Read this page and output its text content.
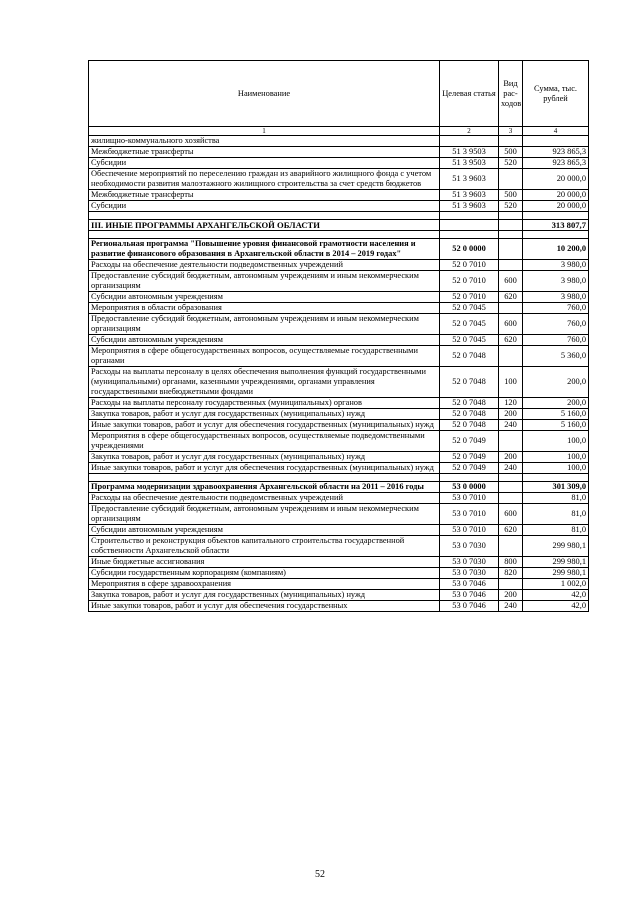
Наименование	Целевая статья	Вид рас-ходов	Сумма, тыс. рублей
1	2	3	4
жилищно-коммунального хозяйства			
Межбюджетные трансферты	51 3 9503	500	923 865,3
Субсидии	51 3 9503	520	923 865,3
Обеспечение мероприятий по переселению граждан из аварийного жилищного фонда с учетом необходимости развития малоэтажного жилищного строительства за счет средств бюджетов	51 3 9603		20 000,0
Межбюджетные трансферты	51 3 9603	500	20 000,0
Субсидии	51 3 9603	520	20 000,0

III. ИНЫЕ ПРОГРАММЫ АРХАНГЕЛЬСКОЙ ОБЛАСТИ			313 807,7

Региональная программа "Повышение уровня финансовой грамотности населения и развитие финансового образования в Архангельской области в 2014 – 2019 годах"	52 0 0000		10 200,0
Расходы на обеспечение деятельности подведомственных учреждений	52 0 7010		3 980,0
Предоставление субсидий бюджетным, автономным учреждениям и иным некоммерческим организациям	52 0 7010	600	3 980,0
Субсидии автономным учреждениям	52 0 7010	620	3 980,0
Мероприятия в области образования	52 0 7045		760,0
Предоставление субсидий бюджетным, автономным учреждениям и иным некоммерческим организациям	52 0 7045	600	760,0
Субсидии автономным учреждениям	52 0 7045	620	760,0
Мероприятия в сфере общегосударственных вопросов, осуществляемые государственными органами	52 0 7048		5 360,0
Расходы на выплаты персоналу в целях обеспечения выполнения функций государственными (муниципальными) органами, казенными учреждениями, органами управления государственными внебюджетными фондами	52 0 7048	100	200,0
Расходы на выплаты персоналу государственных (муниципальных) органов	52 0 7048	120	200,0
Закупка товаров, работ и услуг для государственных (муниципальных) нужд	52 0 7048	200	5 160,0
Иные закупки товаров, работ и услуг для обеспечения государственных (муниципальных) нужд	52 0 7048	240	5 160,0
Мероприятия в сфере общегосударственных вопросов, осуществляемые подведомственными учреждениями	52 0 7049		100,0
Закупка товаров, работ и услуг для государственных (муниципальных) нужд	52 0 7049	200	100,0
Иные закупки товаров, работ и услуг для обеспечения государственных (муниципальных) нужд	52 0 7049	240	100,0

Программа модернизации здравоохранения Архангельской области на 2011 – 2016 годы	53 0 0000		301 309,0
Расходы на обеспечение деятельности подведомственных учреждений	53 0 7010		81,0
Предоставление субсидий бюджетным, автономным учреждениям и иным некоммерческим организациям	53 0 7010	600	81,0
Субсидии автономным учреждениям	53 0 7010	620	81,0
Строительство и реконструкция объектов капитального строительства государственной собственности Архангельской области	53 0 7030		299 980,1
Иные бюджетные ассигнования	53 0 7030	800	299 980,1
Субсидии государственным корпорациям (компаниям)	53 0 7030	820	299 980,1
Мероприятия в сфере здравоохранения	53 0 7046		1 002,0
Закупка товаров, работ и услуг для государственных (муниципальных) нужд	53 0 7046	200	42,0
Иные закупки товаров, работ и услуг для обеспечения государственных	53 0 7046	240	42,0
52
